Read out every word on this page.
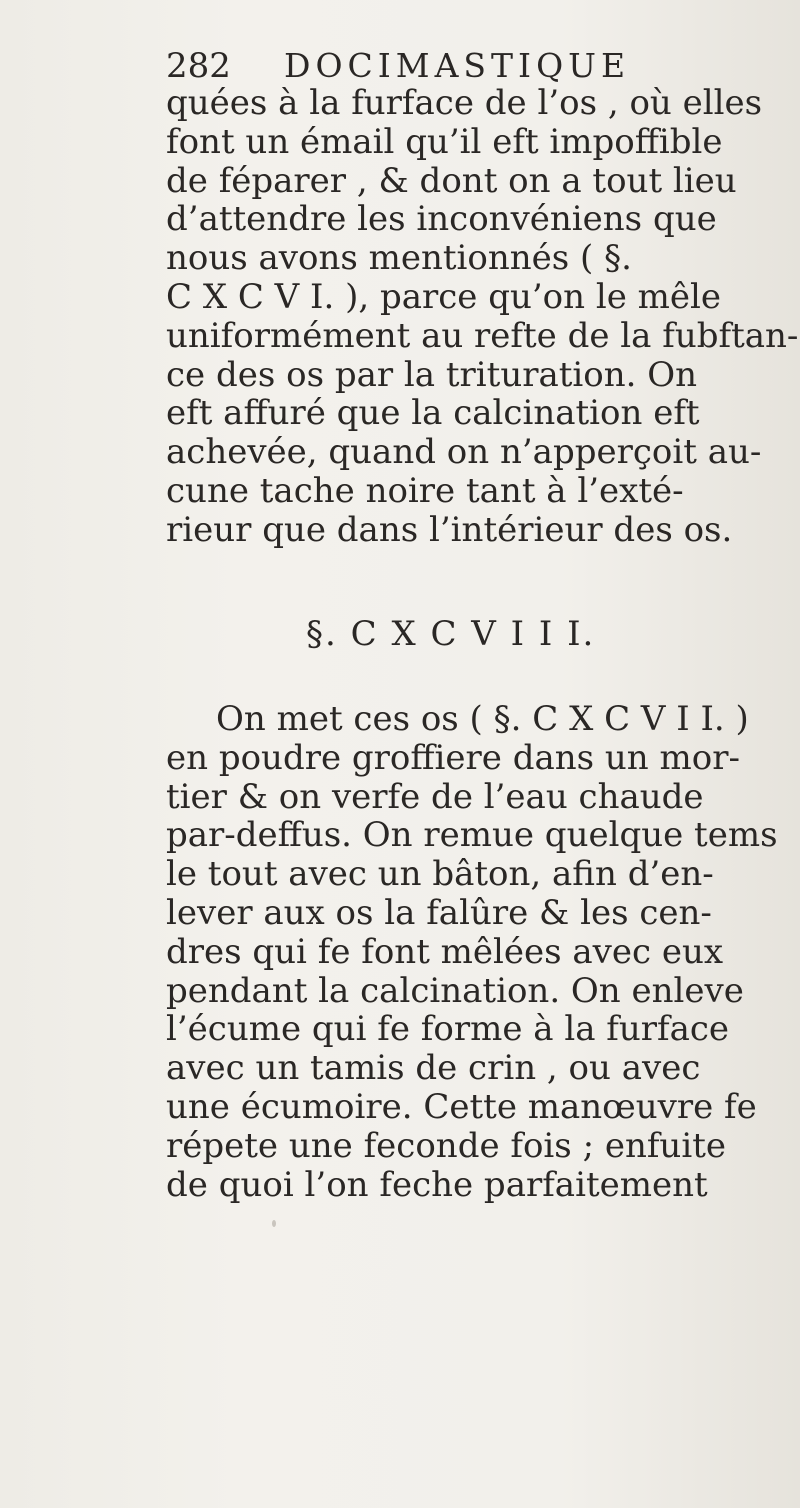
282 DOCIMASTIQUE
quées à la furface de l’os , où elles
font un émail qu’il eft impoffible
de féparer , & dont on a tout lieu
d’attendre les inconvéniens que
nous avons mentionnés ( §.
C X C V I. ), parce qu’on le mêle
uniformément au refte de la fubftan-
ce des os par la trituration. On
eft affuré que la calcination eft
achevée, quand on n’apperçoit au-
cune tache noire tant à l’exté-
rieur que dans l’intérieur des os.
§. C X C V I I I.
On met ces os ( §. C X C V I I. )
en poudre groffiere dans un mor-
tier & on verfe de l’eau chaude
par-deffus. On remue quelque tems
le tout avec un bâton, afin d’en-
lever aux os la falûre & les cen-
dres qui fe font mêlées avec eux
pendant la calcination. On enleve
l’écume qui fe forme à la furface
avec un tamis de crin , ou avec
une écumoire. Cette manœuvre fe
répete une feconde fois ; enfuite
de quoi l’on feche parfaitement
